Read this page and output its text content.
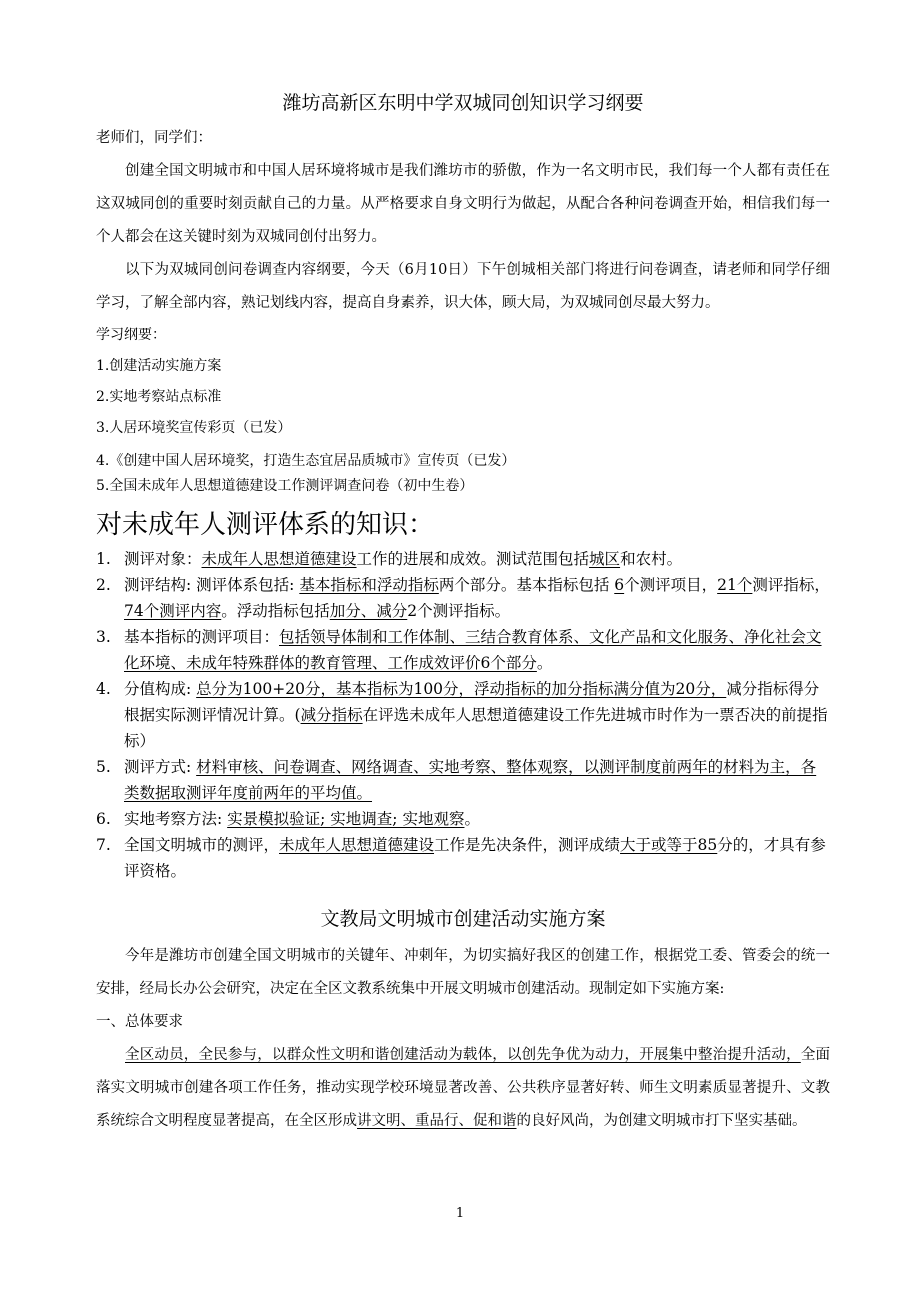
潍坊高新区东明中学双城同创知识学习纲要

老师们，同学们：

创建全国文明城市和中国人居环境将城市是我们潍坊市的骄傲，作为一名文明市民，我们每一个人都有责任在这双城同创的重要时刻贡献自己的力量。从严格要求自身文明行为做起，从配合各种问卷调查开始，相信我们每一个人都会在这关键时刻为双城同创付出努力。

以下为双城同创问卷调查内容纲要，今天（6月10日）下午创城相关部门将进行问卷调查，请老师和同学仔细学习，了解全部内容，熟记划线内容，提高自身素养，识大体，顾大局，为双城同创尽最大努力。

学习纲要：

1.创建活动实施方案

2.实地考察站点标准

3.人居环境奖宣传彩页（已发）

4.《创建中国人居环境奖，打造生态宜居品质城市》宣传页（已发）

5.全国未成年人思想道德建设工作测评调查问卷（初中生卷）

对未成年人测评体系的知识：
1. 测评对象：未成年人思想道德建设工作的进展和成效。测试范围包括城区和农村。
2. 测评结构: 测评体系包括: 基本指标和浮动指标两个部分。基本指标包括 6个测评项目，21个测评指标，74个测评内容。浮动指标包括加分、减分2个测评指标。
3. 基本指标的测评项目：包括领导体制和工作体制、三结合教育体系、文化产品和文化服务、净化社会文化环境、未成年特殊群体的教育管理、工作成效评价6个部分。
4. 分值构成: 总分为100+20分，基本指标为100分，浮动指标的加分指标满分值为20分，减分指标得分根据实际测评情况计算。(减分指标在评选未成年人思想道德建设工作先进城市时作为一票否决的前提指标）
5. 测评方式: 材料审核、问卷调查、网络调查、实地考察、整体观察，以测评制度前两年的材料为主，各类数据取测评年度前两年的平均值。
6. 实地考察方法: 实景模拟验证; 实地调查; 实地观察。
7. 全国文明城市的测评，未成年人思想道德建设工作是先决条件，测评成绩大于或等于85分的，才具有参评资格。
文教局文明城市创建活动实施方案

今年是潍坊市创建全国文明城市的关键年、冲刺年，为切实搞好我区的创建工作，根据党工委、管委会的统一安排，经局长办公会研究，决定在全区文教系统集中开展文明城市创建活动。现制定如下实施方案:

一、总体要求

全区动员，全民参与，以群众性文明和谐创建活动为载体，以创先争优为动力，开展集中整治提升活动，全面落实文明城市创建各项工作任务，推动实现学校环境显著改善、公共秩序显著好转、师生文明素质显著提升、文教系统综合文明程度显著提高，在全区形成讲文明、重品行、促和谐的良好风尚，为创建文明城市打下坚实基础。

1
